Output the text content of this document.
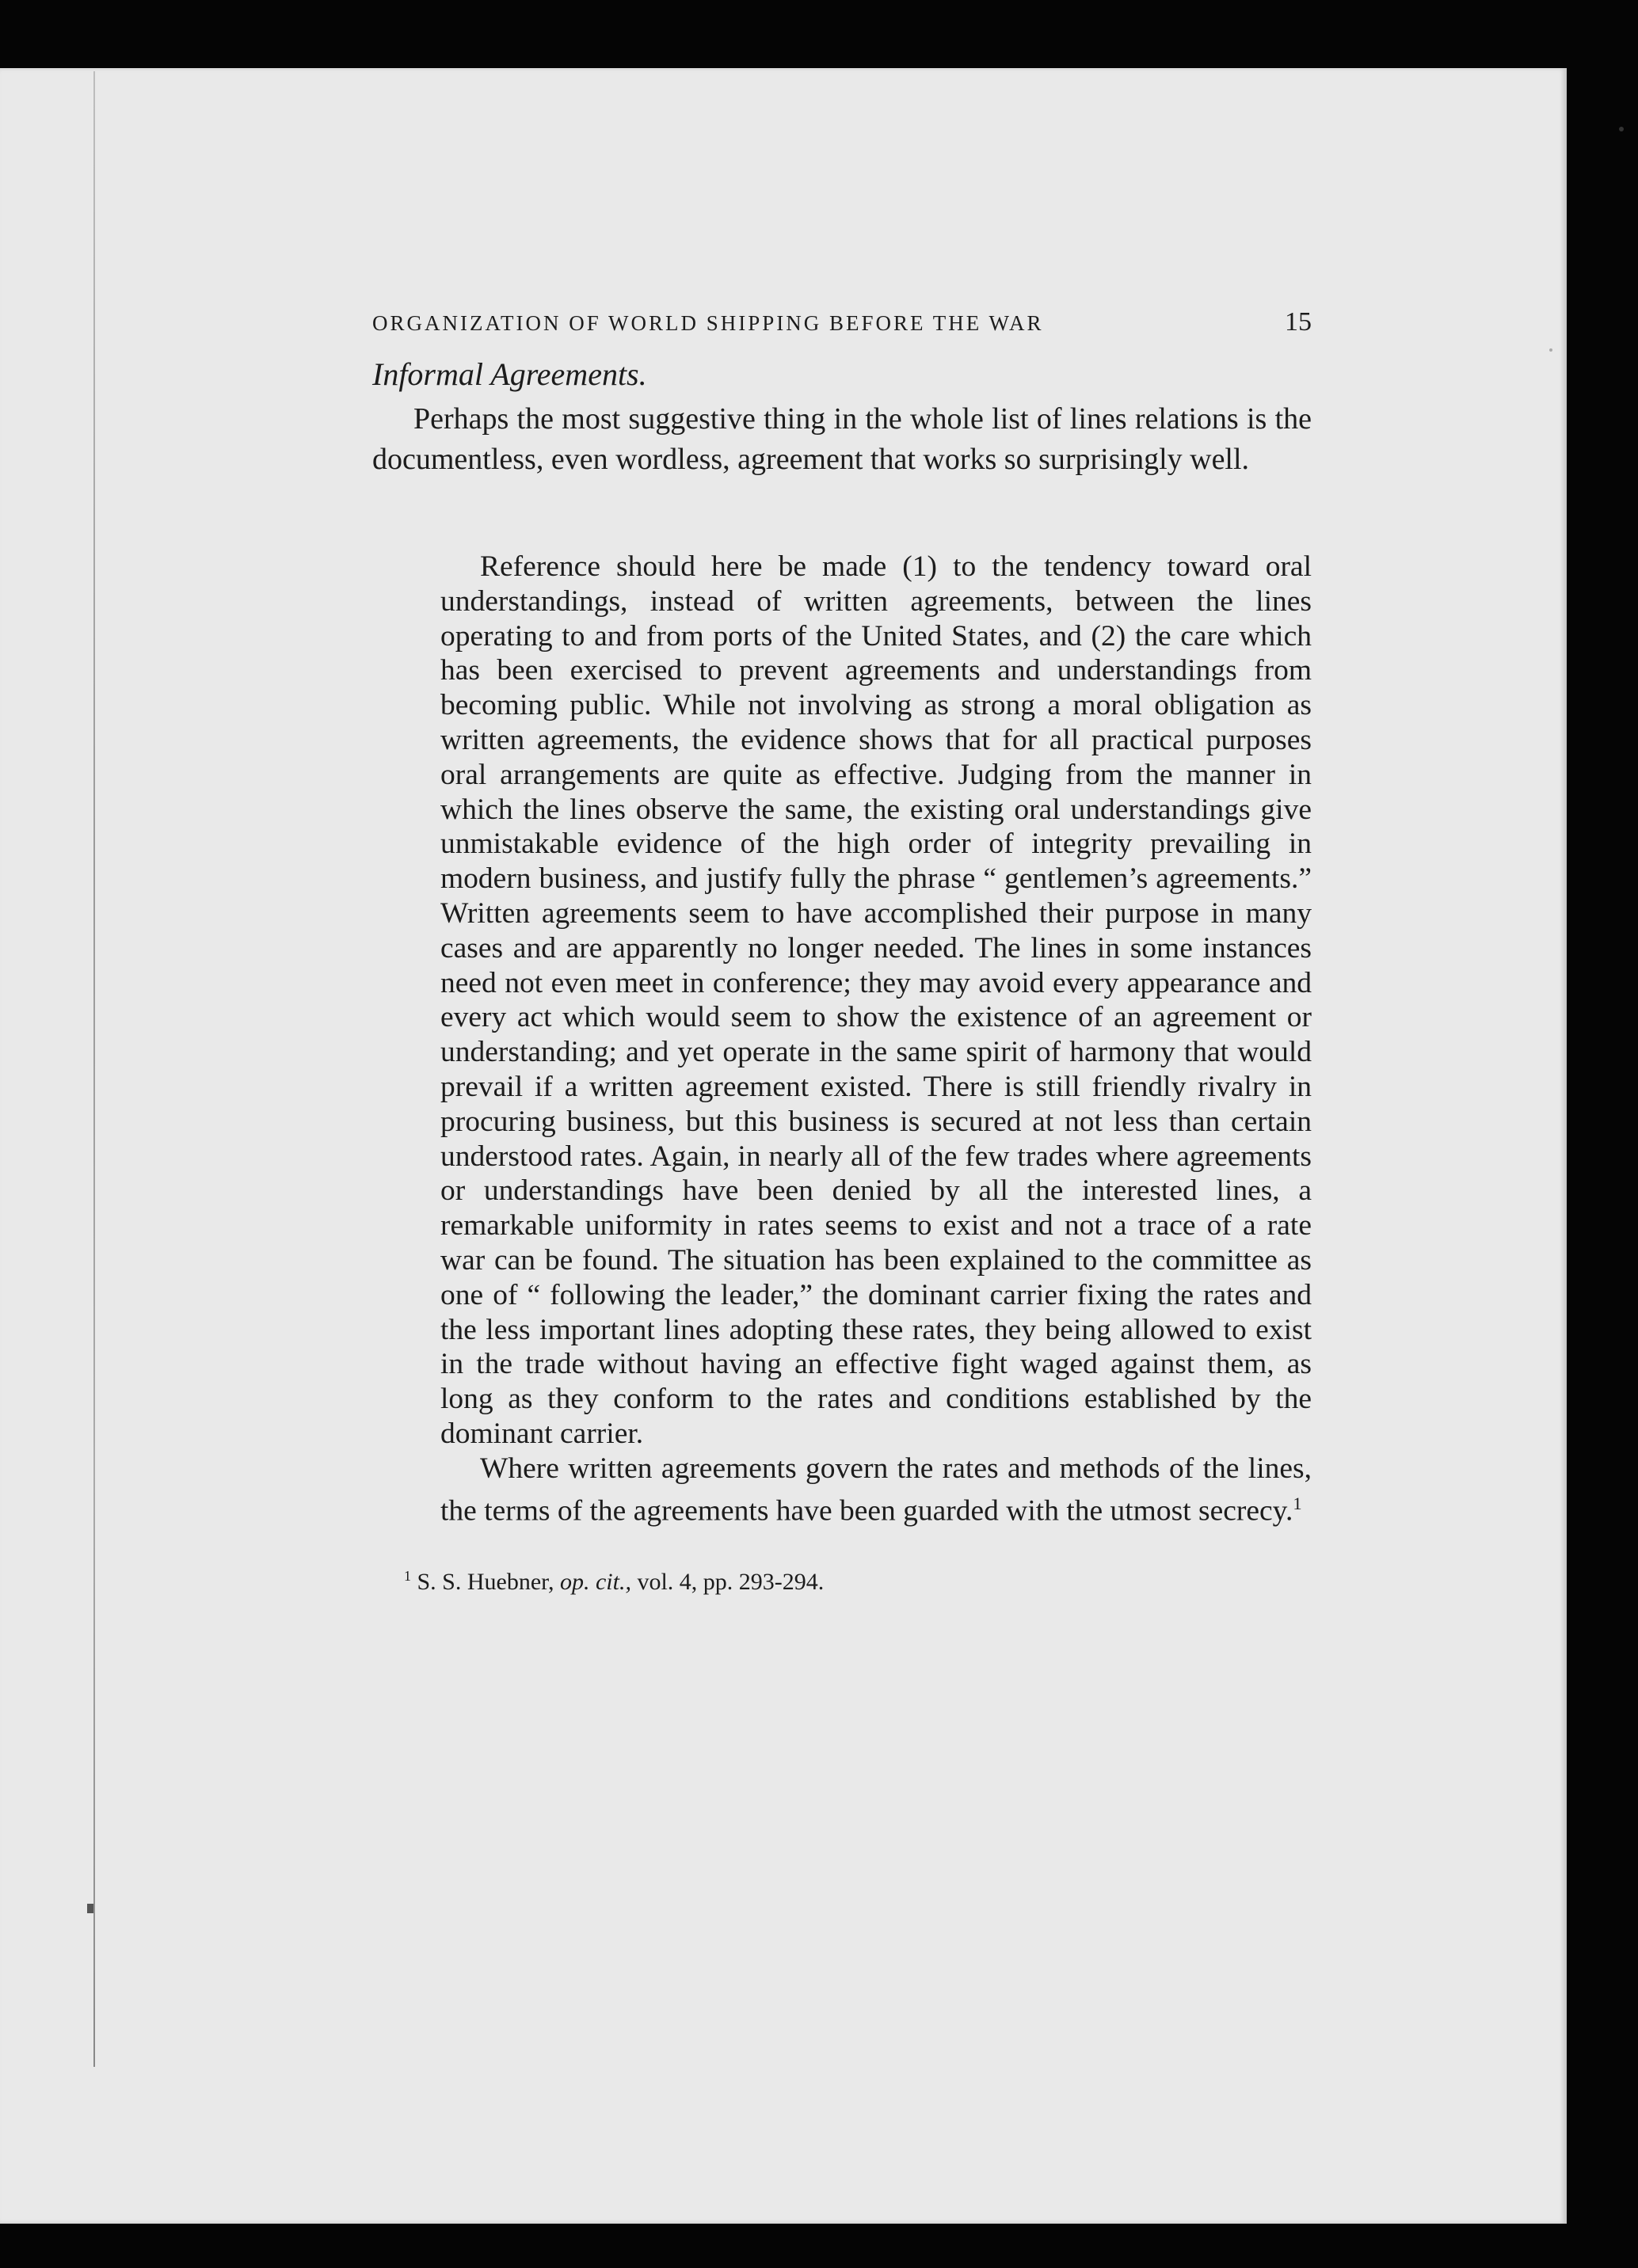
ORGANIZATION OF WORLD SHIPPING BEFORE THE WAR	15
Informal Agreements.

Perhaps the most suggestive thing in the whole list of lines relations is the documentless, even wordless, agreement that works so surprisingly well.

Reference should here be made (1) to the tendency toward oral understandings, instead of written agreements, between the lines operating to and from ports of the United States, and (2) the care which has been exercised to prevent agreements and understandings from becoming public. While not involving as strong a moral obligation as written agreements, the evidence shows that for all practical purposes oral arrangements are quite as effective. Judging from the manner in which the lines observe the same, the existing oral understandings give unmistakable evidence of the high order of integrity prevailing in modern business, and justify fully the phrase “ gentlemen’s agreements.” Written agreements seem to have accomplished their purpose in many cases and are apparently no longer needed. The lines in some instances need not even meet in conference; they may avoid every appearance and every act which would seem to show the existence of an agreement or understanding; and yet operate in the same spirit of harmony that would prevail if a written agreement existed. There is still friendly rivalry in procuring business, but this business is secured at not less than certain understood rates. Again, in nearly all of the few trades where agreements or understandings have been denied by all the interested lines, a remarkable uniformity in rates seems to exist and not a trace of a rate war can be found. The situation has been explained to the committee as one of “ following the leader,” the dominant carrier fixing the rates and the less important lines adopting these rates, they being allowed to exist in the trade without having an effective fight waged against them, as long as they conform to the rates and conditions established by the dominant carrier.

Where written agreements govern the rates and methods of the lines, the terms of the agreements have been guarded with the utmost secrecy.$^1$

$^1$ S. S. Huebner, op. cit., vol. 4, pp. 293-294.
